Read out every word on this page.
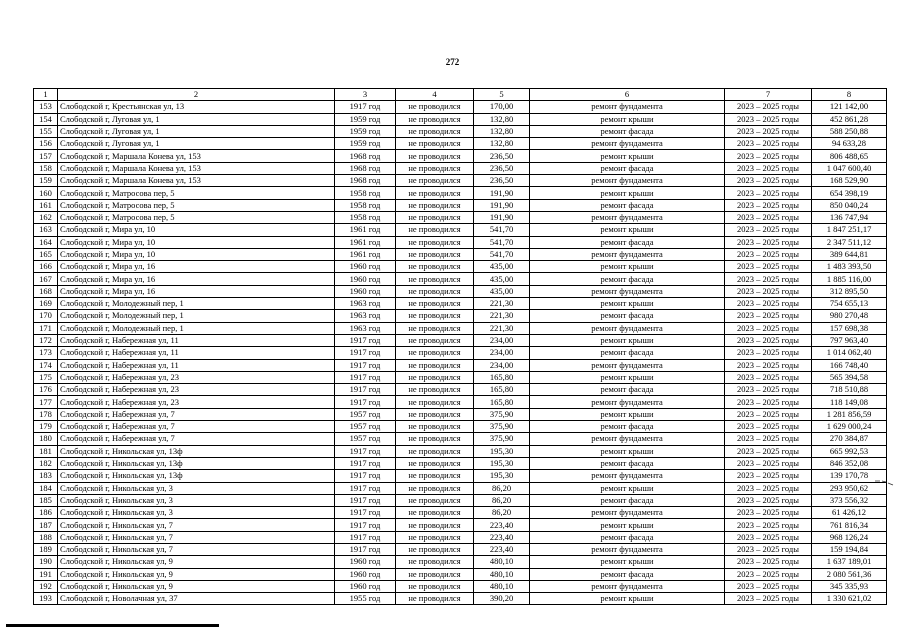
272
1	2	3	4	5	6	7	8
153	Слободской г, Крестьянская ул, 13	1917 год	не проводился	170,00	ремонт фундамента	2023 – 2025 годы	121 142,00
154	Слободской г, Луговая ул, 1	1959 год	не проводился	132,80	ремонт крыши	2023 – 2025 годы	452 861,28
155	Слободской г, Луговая ул, 1	1959 год	не проводился	132,80	ремонт фасада	2023 – 2025 годы	588 250,88
156	Слободской г, Луговая ул, 1	1959 год	не проводился	132,80	ремонт фундамента	2023 – 2025 годы	94 633,28
157	Слободской г, Маршала Конева ул, 153	1968 год	не проводился	236,50	ремонт крыши	2023 – 2025 годы	806 488,65
158	Слободской г, Маршала Конева ул, 153	1968 год	не проводился	236,50	ремонт фасада	2023 – 2025 годы	1 047 600,40
159	Слободской г, Маршала Конева ул, 153	1968 год	не проводился	236,50	ремонт фундамента	2023 – 2025 годы	168 529,90
160	Слободской г, Матросова пер, 5	1958 год	не проводился	191,90	ремонт крыши	2023 – 2025 годы	654 398,19
161	Слободской г, Матросова пер, 5	1958 год	не проводился	191,90	ремонт фасада	2023 – 2025 годы	850 040,24
162	Слободской г, Матросова пер, 5	1958 год	не проводился	191,90	ремонт фундамента	2023 – 2025 годы	136 747,94
163	Слободской г, Мира ул, 10	1961 год	не проводился	541,70	ремонт крыши	2023 – 2025 годы	1 847 251,17
164	Слободской г, Мира ул, 10	1961 год	не проводился	541,70	ремонт фасада	2023 – 2025 годы	2 347 511,12
165	Слободской г, Мира ул, 10	1961 год	не проводился	541,70	ремонт фундамента	2023 – 2025 годы	389 644,81
166	Слободской г, Мира ул, 16	1960 год	не проводился	435,00	ремонт крыши	2023 – 2025 годы	1 483 393,50
167	Слободской г, Мира ул, 16	1960 год	не проводился	435,00	ремонт фасада	2023 – 2025 годы	1 885 116,00
168	Слободской г, Мира ул, 16	1960 год	не проводился	435,00	ремонт фундамента	2023 – 2025 годы	312 895,50
169	Слободской г, Молодежный пер, 1	1963 год	не проводился	221,30	ремонт крыши	2023 – 2025 годы	754 655,13
170	Слободской г, Молодежный пер, 1	1963 год	не проводился	221,30	ремонт фасада	2023 – 2025 годы	980 270,48
171	Слободской г, Молодежный пер, 1	1963 год	не проводился	221,30	ремонт фундамента	2023 – 2025 годы	157 698,38
172	Слободской г, Набережная ул, 11	1917 год	не проводился	234,00	ремонт крыши	2023 – 2025 годы	797 963,40
173	Слободской г, Набережная ул, 11	1917 год	не проводился	234,00	ремонт фасада	2023 – 2025 годы	1 014 062,40
174	Слободской г, Набережная ул, 11	1917 год	не проводился	234,00	ремонт фундамента	2023 – 2025 годы	166 748,40
175	Слободской г, Набережная ул, 23	1917 год	не проводился	165,80	ремонт крыши	2023 – 2025 годы	565 394,58
176	Слободской г, Набережная ул, 23	1917 год	не проводился	165,80	ремонт фасада	2023 – 2025 годы	718 510,88
177	Слободской г, Набережная ул, 23	1917 год	не проводился	165,80	ремонт фундамента	2023 – 2025 годы	118 149,08
178	Слободской г, Набережная ул, 7	1957 год	не проводился	375,90	ремонт крыши	2023 – 2025 годы	1 281 856,59
179	Слободской г, Набережная ул, 7	1957 год	не проводился	375,90	ремонт фасада	2023 – 2025 годы	1 629 000,24
180	Слободской г, Набережная ул, 7	1957 год	не проводился	375,90	ремонт фундамента	2023 – 2025 годы	270 384,87
181	Слободской г, Никольская ул, 13ф	1917 год	не проводился	195,30	ремонт крыши	2023 – 2025 годы	665 992,53
182	Слободской г, Никольская ул, 13ф	1917 год	не проводился	195,30	ремонт фасада	2023 – 2025 годы	846 352,08
183	Слободской г, Никольская ул, 13ф	1917 год	не проводился	195,30	ремонт фундамента	2023 – 2025 годы	139 170,78
184	Слободской г, Никольская ул, 3	1917 год	не проводился	86,20	ремонт крыши	2023 – 2025 годы	293 950,62
185	Слободской г, Никольская ул, 3	1917 год	не проводился	86,20	ремонт фасада	2023 – 2025 годы	373 556,32
186	Слободской г, Никольская ул, 3	1917 год	не проводился	86,20	ремонт фундамента	2023 – 2025 годы	61 426,12
187	Слободской г, Никольская ул, 7	1917 год	не проводился	223,40	ремонт крыши	2023 – 2025 годы	761 816,34
188	Слободской г, Никольская ул, 7	1917 год	не проводился	223,40	ремонт фасада	2023 – 2025 годы	968 126,24
189	Слободской г, Никольская ул, 7	1917 год	не проводился	223,40	ремонт фундамента	2023 – 2025 годы	159 194,84
190	Слободской г, Никольская ул, 9	1960 год	не проводился	480,10	ремонт крыши	2023 – 2025 годы	1 637 189,01
191	Слободской г, Никольская ул, 9	1960 год	не проводился	480,10	ремонт фасада	2023 – 2025 годы	2 080 561,36
192	Слободской г, Никольская ул, 9	1960 год	не проводился	480,10	ремонт фундамента	2023 – 2025 годы	345 335,93
193	Слободской г, Новолачная ул, 37	1955 год	не проводился	390,20	ремонт крыши	2023 – 2025 годы	1 330 621,02
